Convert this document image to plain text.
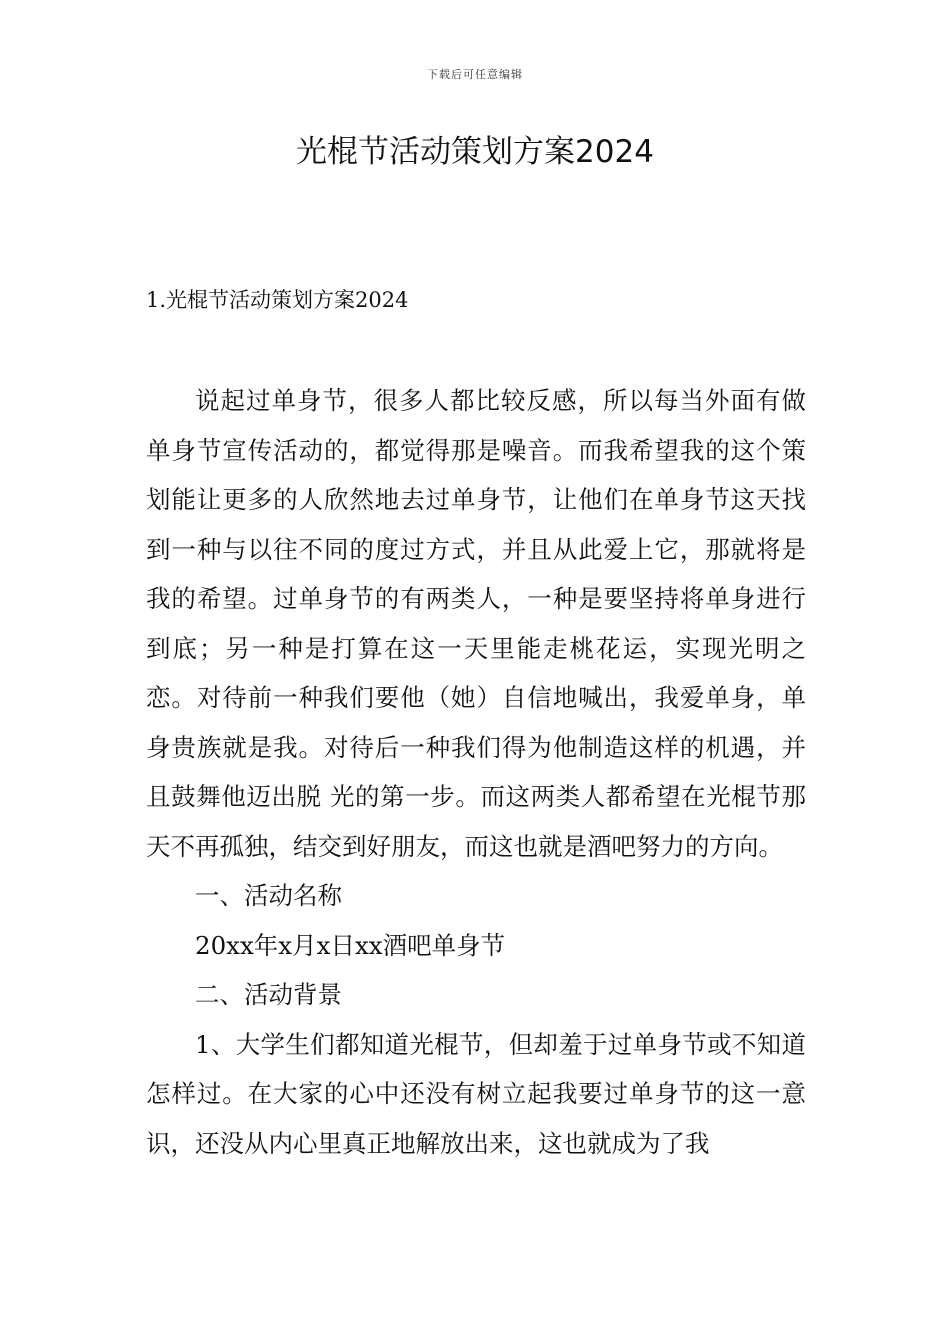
下载后可任意编辑
光棍节活动策划方案2024
1.光棍节活动策划方案2024

说起过单身节，很多人都比较反感，所以每当外面有做单身节宣传活动的，都觉得那是噪音。而我希望我的这个策划能让更多的人欣然地去过单身节，让他们在单身节这天找到一种与以往不同的度过方式，并且从此爱上它，那就将是我的希望。过单身节的有两类人，一种是要坚持将单身进行到底；另一种是打算在这一天里能走桃花运，实现光明之恋。对待前一种我们要他（她）自信地喊出，我爱单身，单身贵族就是我。对待后一种我们得为他制造这样的机遇，并且鼓舞他迈出脱 光的第一步。而这两类人都希望在光棍节那天不再孤独，结交到好朋友，而这也就是酒吧努力的方向。

一、活动名称

20xx年x月x日xx酒吧单身节

二、活动背景

1、大学生们都知道光棍节，但却羞于过单身节或不知道怎样过。在大家的心中还没有树立起我要过单身节的这一意识，还没从内心里真正地解放出来，这也就成为了我
